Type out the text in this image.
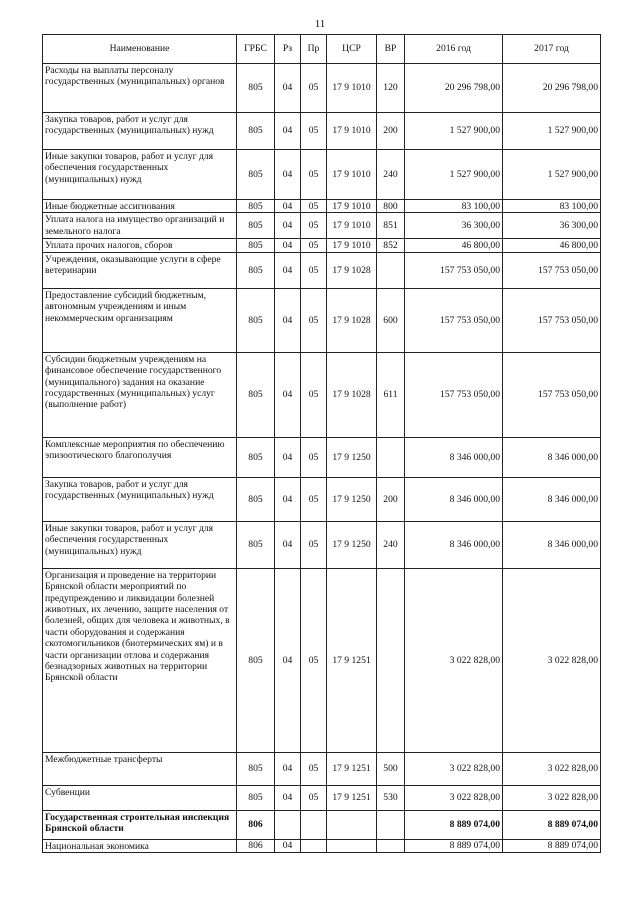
11
Наименование	ГРБС	Рз	Пр	ЦСР	ВР	2016 год	2017 год
Расходы на выплаты персоналу государственных (муниципальных) органов	805	04	05	17 9 1010	120	20 296 798,00	20 296 798,00
Закупка товаров, работ и услуг для государственных (муниципальных) нужд	805	04	05	17 9 1010	200	1 527 900,00	1 527 900,00
Иные закупки товаров, работ и услуг для обеспечения государственных (муниципальных) нужд	805	04	05	17 9 1010	240	1 527 900,00	1 527 900,00
Иные бюджетные ассигнования	805	04	05	17 9 1010	800	83 100,00	83 100,00
Уплата налога на имущество организаций и земельного налога	805	04	05	17 9 1010	851	36 300,00	36 300,00
Уплата прочих налогов, сборов	805	04	05	17 9 1010	852	46 800,00	46 800,00
Учреждения, оказывающие услуги в сфере ветеринарии	805	04	05	17 9 1028		157 753 050,00	157 753 050,00
Предоставление субсидий бюджетным, автономным учреждениям и иным некоммерческим организациям	805	04	05	17 9 1028	600	157 753 050,00	157 753 050,00
Субсидии бюджетным учреждениям на финансовое обеспечение государственного (муниципального) задания на оказание государственных (муниципальных) услуг (выполнение работ)	805	04	05	17 9 1028	611	157 753 050,00	157 753 050,00
Комплексные мероприятия по обеспечению эпизоотического благополучия	805	04	05	17 9 1250		8 346 000,00	8 346 000,00
Закупка товаров, работ и услуг для государственных (муниципальных) нужд	805	04	05	17 9 1250	200	8 346 000,00	8 346 000,00
Иные закупки товаров, работ и услуг для обеспечения государственных (муниципальных) нужд	805	04	05	17 9 1250	240	8 346 000,00	8 346 000,00
Организация и проведение на территории Брянской области мероприятий по предупреждению и ликвидации болезней животных, их лечению, защите населения от болезней, общих для человека и животных, в части оборудования и содержания скотомогильников (биотермических ям) и в части организации отлова и содержания безнадзорных животных на территории Брянской области	805	04	05	17 9 1251		3 022 828,00	3 022 828,00
Межбюджетные трансферты	805	04	05	17 9 1251	500	3 022 828,00	3 022 828,00
Субвенции	805	04	05	17 9 1251	530	3 022 828,00	3 022 828,00
Государственная строительная инспекция Брянской области	806					8 889 074,00	8 889 074,00
Национальная экономика	806	04				8 889 074,00	8 889 074,00
